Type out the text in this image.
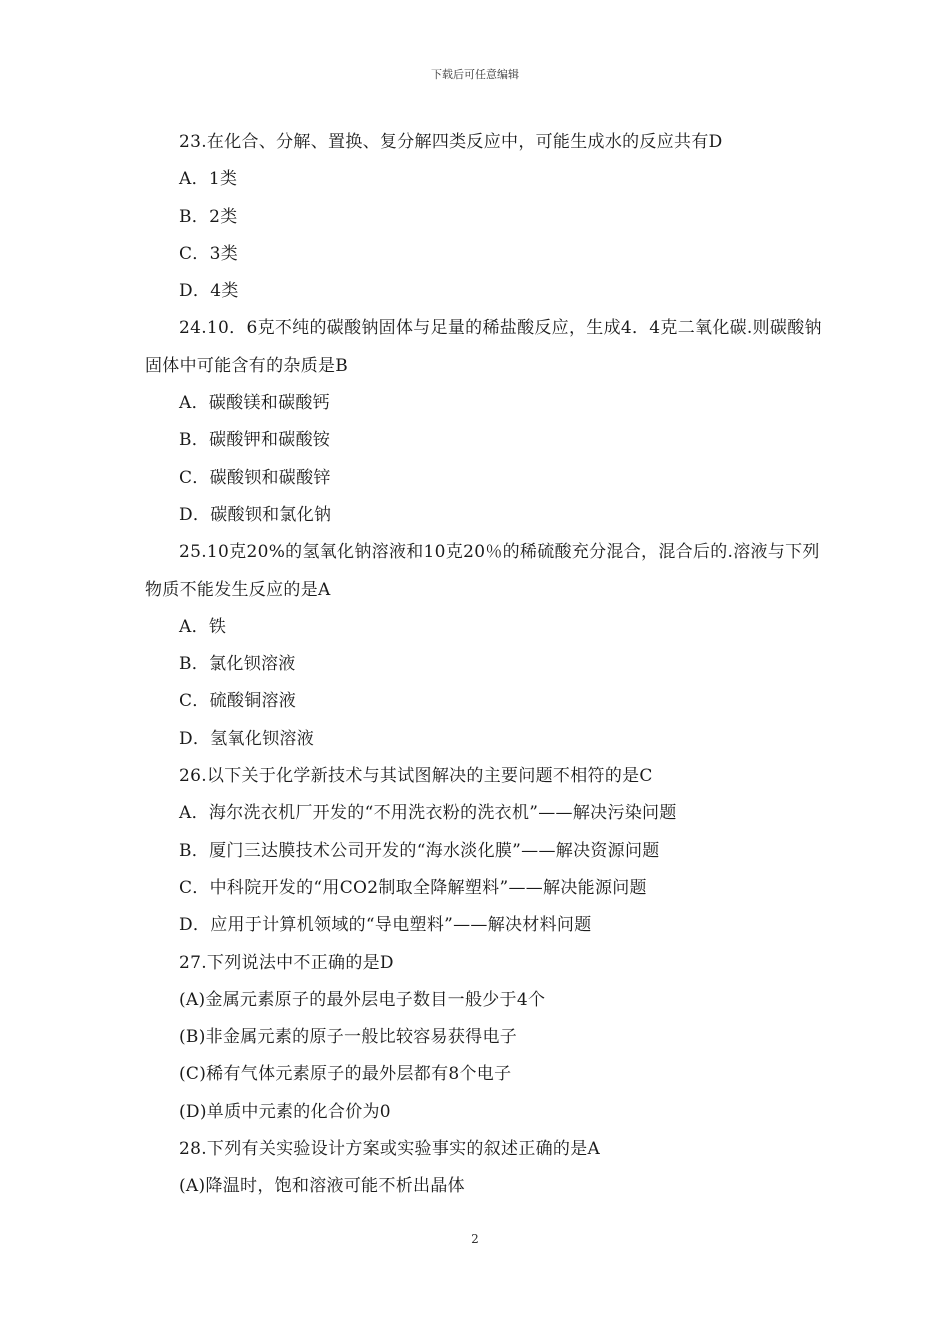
下载后可任意编辑
23.在化合、分解、置换、复分解四类反应中，可能生成水的反应共有D
A．1类
B．2类
C．3类
D．4类
24.10．6克不纯的碳酸钠固体与足量的稀盐酸反应，生成4．4克二氧化碳.则碳酸钠固体中可能含有的杂质是B
A．碳酸镁和碳酸钙
B．碳酸钾和碳酸铵
C．碳酸钡和碳酸锌
D．碳酸钡和氯化钠
25.10克20%的氢氧化钠溶液和10克20％的稀硫酸充分混合，混合后的.溶液与下列物质不能发生反应的是A
A．铁
B．氯化钡溶液
C．硫酸铜溶液
D．氢氧化钡溶液
26.以下关于化学新技术与其试图解决的主要问题不相符的是C
A．海尔洗衣机厂开发的“不用洗衣粉的洗衣机”——解决污染问题
B．厦门三达膜技术公司开发的“海水淡化膜”——解决资源问题
C．中科院开发的“用CO2制取全降解塑料”——解决能源问题
D．应用于计算机领域的“导电塑料”——解决材料问题
27.下列说法中不正确的是D
(A)金属元素原子的最外层电子数目一般少于4个
(B)非金属元素的原子一般比较容易获得电子
(C)稀有气体元素原子的最外层都有8个电子
(D)单质中元素的化合价为0
28.下列有关实验设计方案或实验事实的叙述正确的是A
(A)降温时，饱和溶液可能不析出晶体
2
